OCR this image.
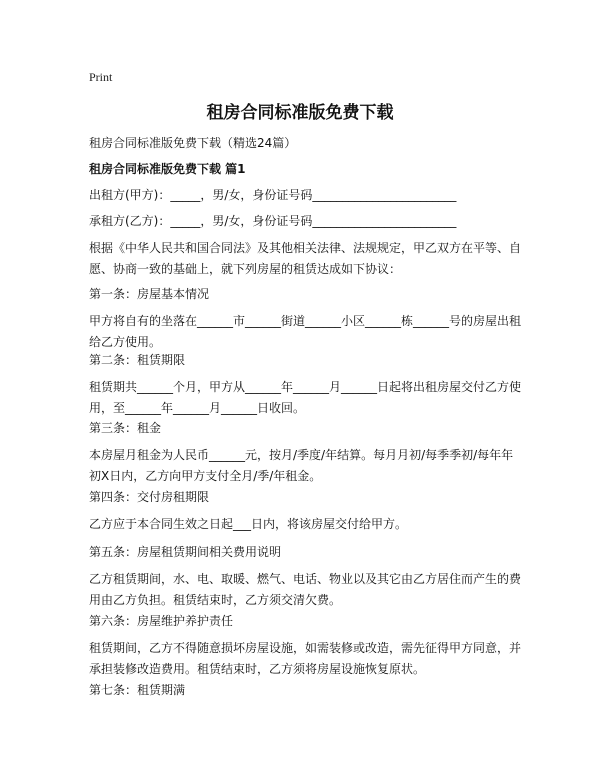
Print
租房合同标准版免费下载
租房合同标准版免费下载（精选24篇）
租房合同标准版免费下载 篇1
出租方(甲方)：_____，男/女，身份证号码________________________
承租方(乙方)：_____，男/女，身份证号码________________________
根据《中华人民共和国合同法》及其他相关法律、法规规定，甲乙双方在平等、自
愿、协商一致的基础上，就下列房屋的租赁达成如下协议：
第一条：房屋基本情况
甲方将自有的坐落在______市______街道______小区______栋______号的房屋出租
给乙方使用。
第二条：租赁期限
租赁期共______个月，甲方从______年______月______日起将出租房屋交付乙方使
用，至______年______月______日收回。
第三条：租金
本房屋月租金为人民币______元，按月/季度/年结算。每月月初/每季季初/每年年
初X日内，乙方向甲方支付全月/季/年租金。
第四条：交付房租期限
乙方应于本合同生效之日起___日内，将该房屋交付给甲方。
第五条：房屋租赁期间相关费用说明
乙方租赁期间，水、电、取暖、燃气、电话、物业以及其它由乙方居住而产生的费
用由乙方负担。租赁结束时，乙方须交清欠费。
第六条：房屋维护养护责任
租赁期间，乙方不得随意损坏房屋设施，如需装修或改造，需先征得甲方同意，并
承担装修改造费用。租赁结束时，乙方须将房屋设施恢复原状。
第七条：租赁期满
